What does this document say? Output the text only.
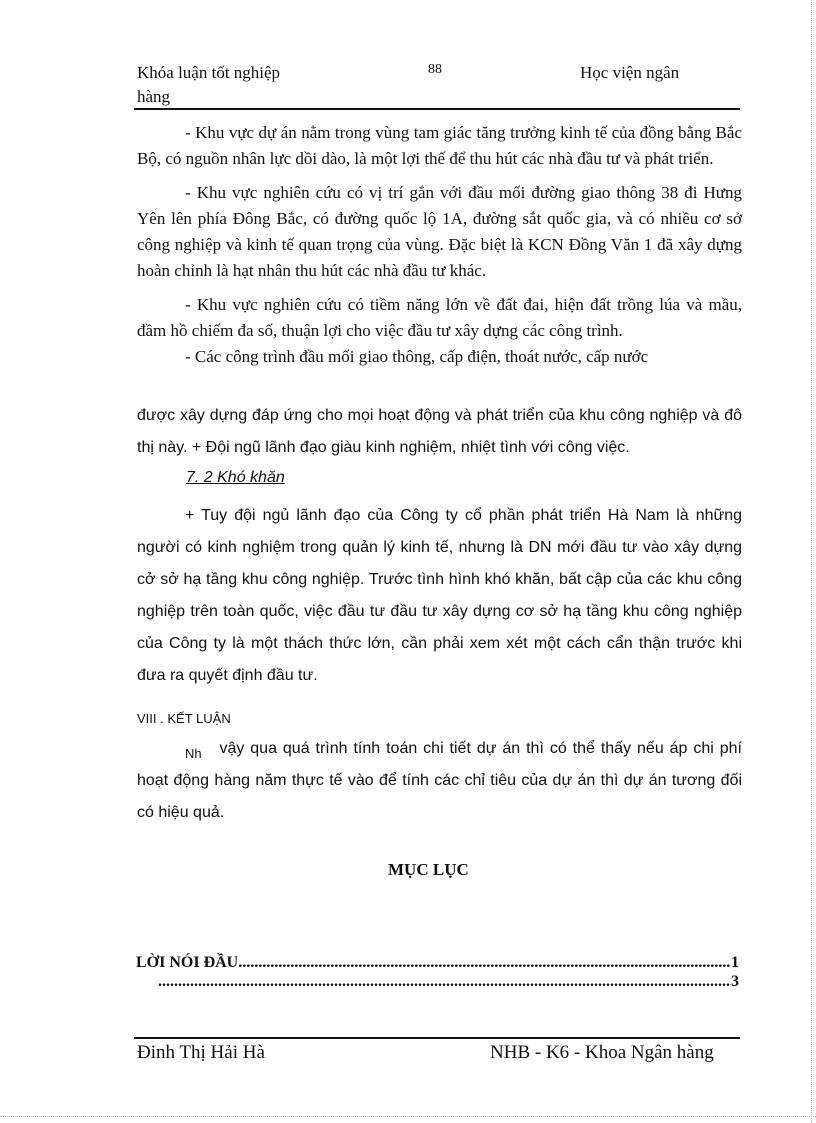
Khóa luận tốt nghiệp
hàng
88	Học viện ngân

- Khu vực dự án nằm trong vùng tam giác tăng trưởng kinh tế của đồng bằng Bắc Bộ, có nguồn nhân lực dồi dào, là một lợi thế để thu hút các nhà đầu tư và phát triển.

- Khu vực nghiên cứu có vị trí gắn với đầu mối đường giao thông 38 đi Hưng Yên lên phía Đông Bắc, có đường quốc lộ 1A, đường sắt quốc gia, và có nhiều cơ sở công nghiệp và kinh tế quan trọng của vùng. Đặc biệt là KCN Đồng Văn 1 đã xây dựng hoàn chỉnh là hạt nhân thu hút các nhà đầu tư khác.

- Khu vực nghiên cứu có tiềm năng lớn về đất đai, hiện đất trồng lúa và mầu, đầm hồ chiếm đa số, thuận lợi cho việc đầu tư xây dựng các công trình.

- Các công trình đầu mối giao thông, cấp điện, thoát nước, cấp nước

được xây dựng đáp ứng cho mọi hoạt động và phát triển của khu công nghiệp và đô thị này. + Đội ngũ lãnh đạo giàu kinh nghiệm, nhiệt tình với công việc.
7. 2 Khó khăn

+ Tuy đội ngủ lãnh đạo của Công ty cổ phần phát triển Hà Nam là những người có kinh nghiệm trong quản lý kinh tế, nhưng là DN mới đầu tư vào xây dựng cở sở hạ tầng khu công nghiệp. Trước tình hình khó khăn, bất cập của các khu công nghiệp trên toàn quốc, việc đầu tư đầu tư xây dựng cơ sở hạ tầng khu công nghiệp của Công ty là một thách thức lớn, cần phải xem xét một cách cẩn thận trước khi đưa ra quyết định đầu tư.

VIII . KẾT LUẬN

$_{Nh}$ vậy qua quá trình tính toán chi tiết dự án thì có thể thấy nếu áp chi phí hoạt động hàng năm thực tế vào để tính các chỉ tiêu của dự án thì dự án tương đối có hiệu quả.

MỤC LỤC
LỜI NÓI ĐẦU
.....	1
.....
3
Đinh Thị Hải Hà	NHB - K6 - Khoa Ngân hàng
